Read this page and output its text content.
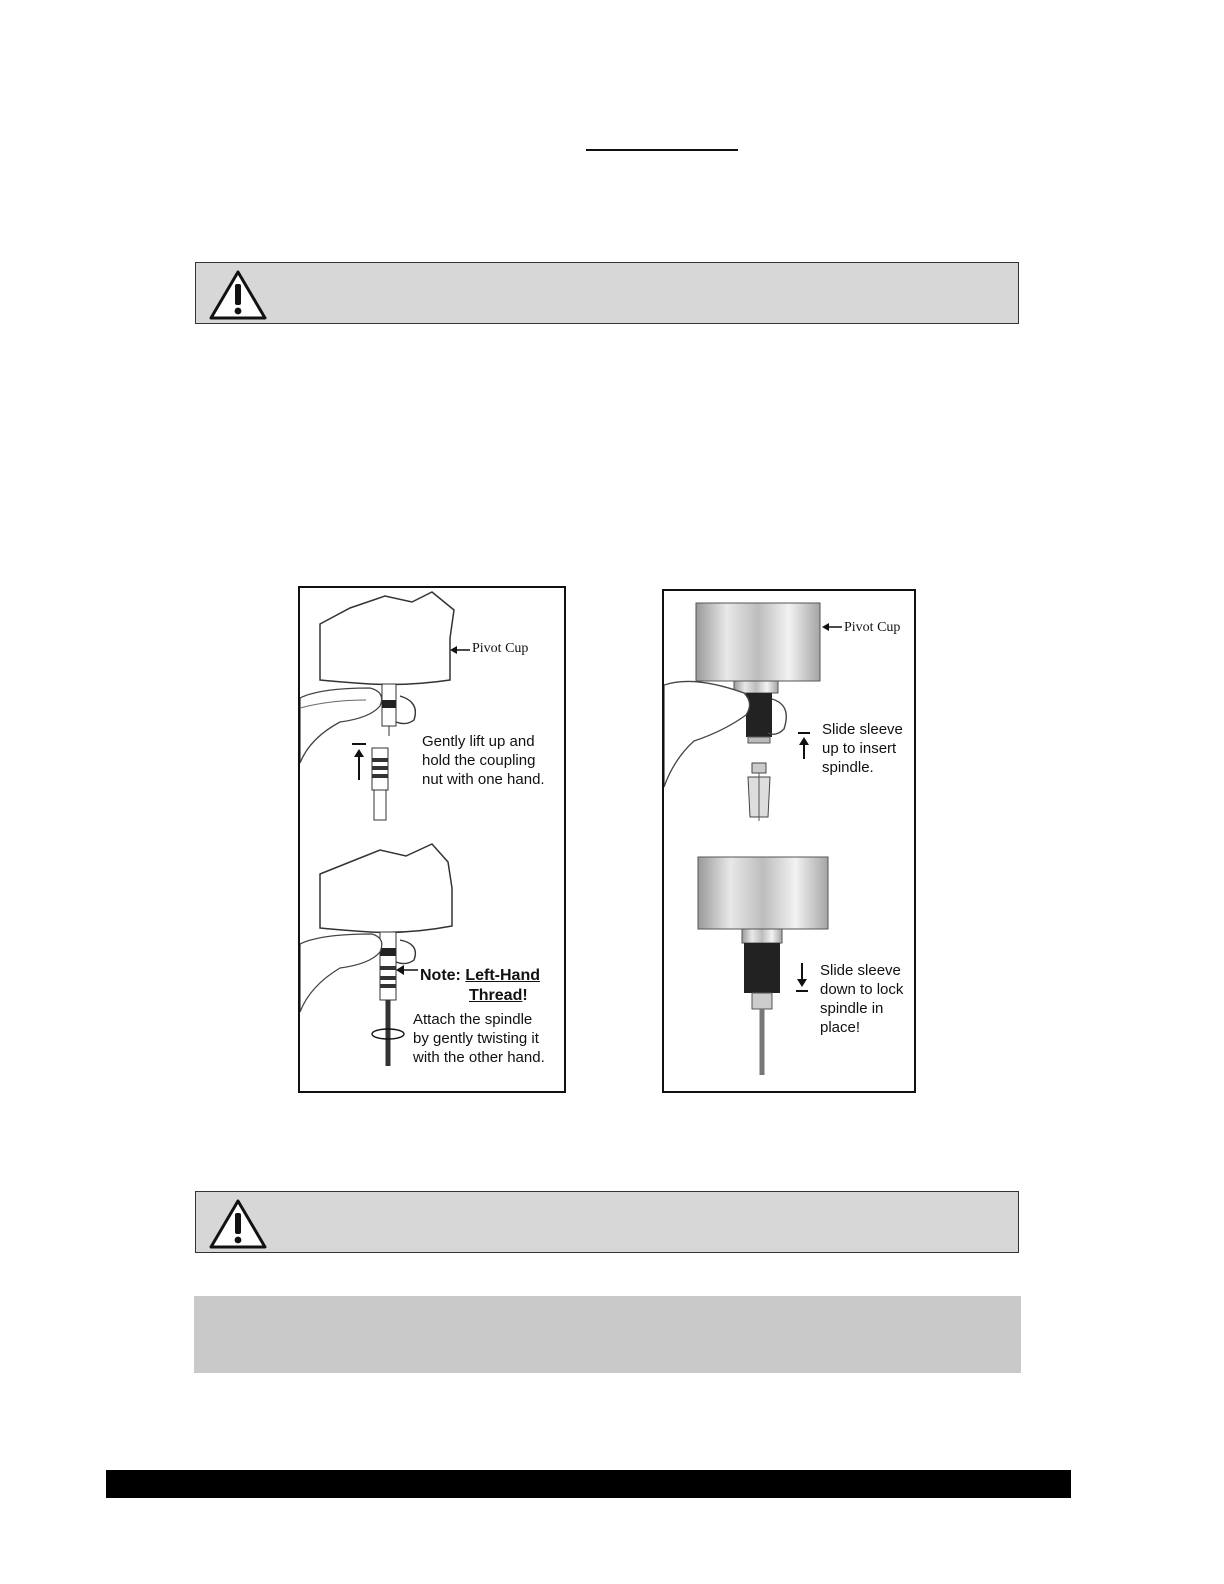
Pivot Cup
Gently lift up and
hold the coupling
nut with one hand.
Note: Left-Hand
Thread!
Attach the spindle
by gently twisting it
with the other hand.
Pivot Cup
Slide sleeve
up to insert
spindle.
Slide sleeve
down to lock
spindle in
place!
